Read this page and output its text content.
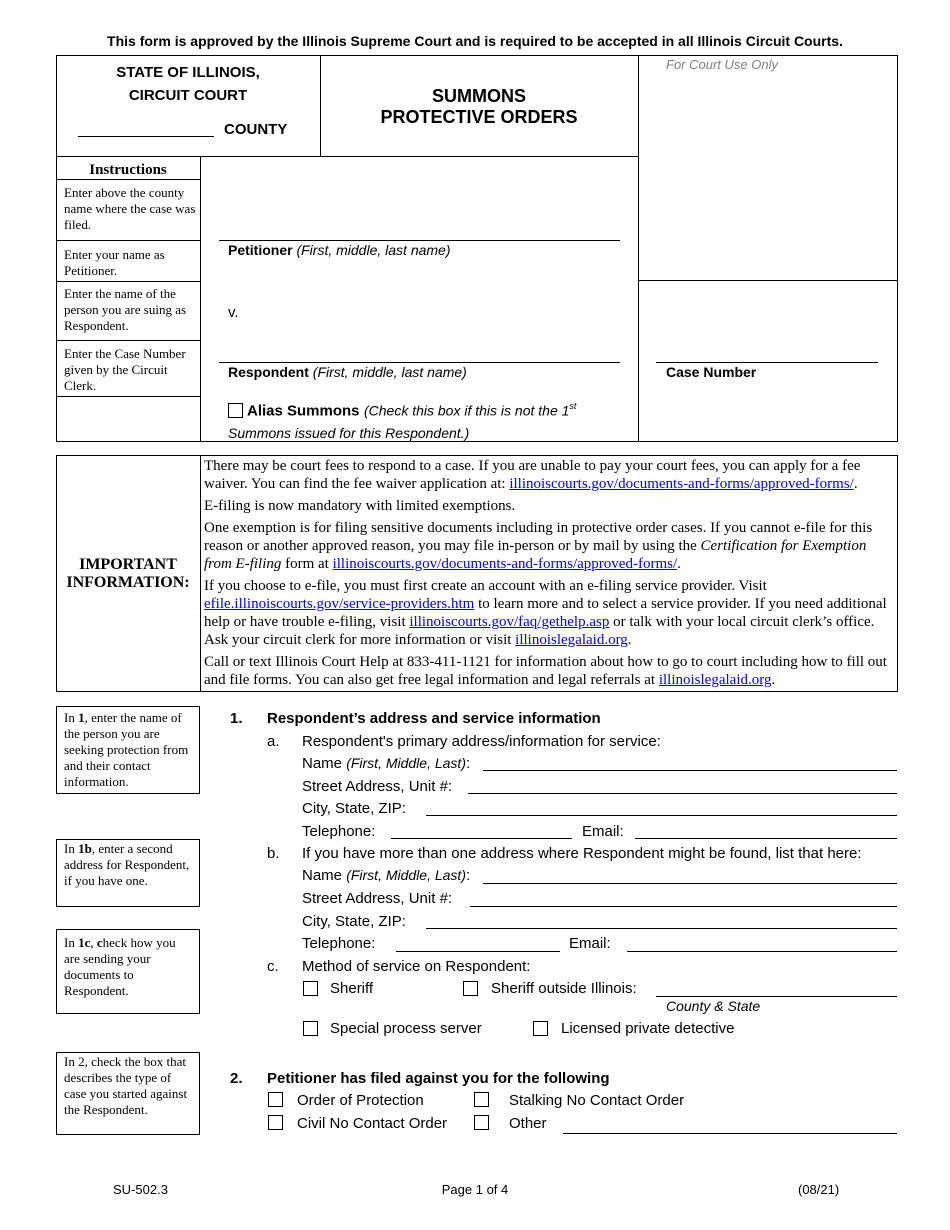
This form is approved by the Illinois Supreme Court and is required to be accepted in all Illinois Circuit Courts.
STATE OF ILLINOIS,
CIRCUIT COURT
COUNTY
SUMMONS
PROTECTIVE ORDERS
For Court Use Only
Instructions
Enter above the county name where the case was filed.
Enter your name as Petitioner.
Enter the name of the person you are suing as Respondent.
Enter the Case Number given by the Circuit Clerk.
Petitioner (First, middle, last name)
v.
Respondent (First, middle, last name)	Case Number
Alias Summons (Check this box if this is not the 1st
Summons issued for this Respondent.)
IMPORTANT
INFORMATION:

There may be court fees to respond to a case. If you are unable to pay your court fees, you can apply for a fee waiver. You can find the fee waiver application at: illinoiscourts.gov/documents-and-forms/approved-forms/.

E-filing is now mandatory with limited exemptions.

One exemption is for filing sensitive documents including in protective order cases. If you cannot e-file for this reason or another approved reason, you may file in-person or by mail by using the Certification for Exemption from E-filing form at illinoiscourts.gov/documents-and-forms/approved-forms/.

If you choose to e-file, you must first create an account with an e-filing service provider. Visit efile.illinoiscourts.gov/service-providers.htm to learn more and to select a service provider. If you need additional help or have trouble e-filing, visit illinoiscourts.gov/faq/gethelp.asp or talk with your local circuit clerk’s office. Ask your circuit clerk for more information or visit illinoislegalaid.org.

Call or text Illinois Court Help at 833-411-1121 for information about how to go to court including how to fill out and file forms. You can also get free legal information and legal referrals at illinoislegalaid.org.

In 1, enter the name of the person you are seeking protection from and their contact information.
In 1b, enter a second address for Respondent, if you have one.
In 1c, check how you are sending your documents to Respondent.
In 2, check the box that describes the type of case you started against the Respondent.
1. Respondent’s address and service information
a. Respondent's primary address/information for service:
Name (First, Middle, Last):
Street Address, Unit #:
City, State, ZIP:
Telephone:	Email:
b. If you have more than one address where Respondent might be found, list that here:
Name (First, Middle, Last):
Street Address, Unit #:
City, State, ZIP:
Telephone:	Email:
c. Method of service on Respondent:
Sheriff	Sheriff outside Illinois:
County & State
Special process server	Licensed private detective
2. Petitioner has filed against you for the following
Order of Protection	Stalking No Contact Order
Civil No Contact Order	Other
SU-502.3	Page 1 of 4	(08/21)
